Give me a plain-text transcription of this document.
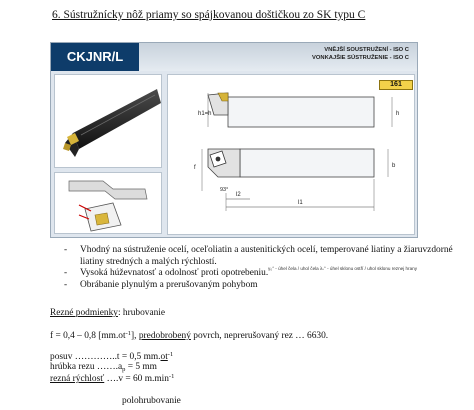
6. Sústružnícky nôž priamy so spájkovanou doštičkou zo SK typu C
CKJNR/L	VNĚJŠÍ SOUSTRUŽENÍ - ISO C
VONKAJŠIE SÚSTRUŽENIE - ISO C
h1=h	h
f	b
93°
l2
l1
161
γ₀° - úhel čela / uhol čela λₛ° - úhel sklonu ostří / uhol sklonu reznej hrany
- Vhodný na sústruženie ocelí, oceľoliatin a austenitických ocelí, temperované liatiny a žiaruvzdorné liatiny stredných a malých rýchlostí.
- Vysoká húževnatosť a odolnosť proti opotrebeniu.
- Obrábanie plynulým a prerušovaným pohybom
Rezné podmienky: hrubovanie
f = 0,4 – 0,8 $[mm.ot^{-1}]$, predobrobený povrch, neprerušovaný rez … 6630.
posuv …………..t = 0,5 $mm.ot^{-1}$
hrúbka rezu $\dots\dots.a_p = 5$ mm
rezná rýchlosť ….v = 60 $m.\min^{-1}$
polohrubovanie
